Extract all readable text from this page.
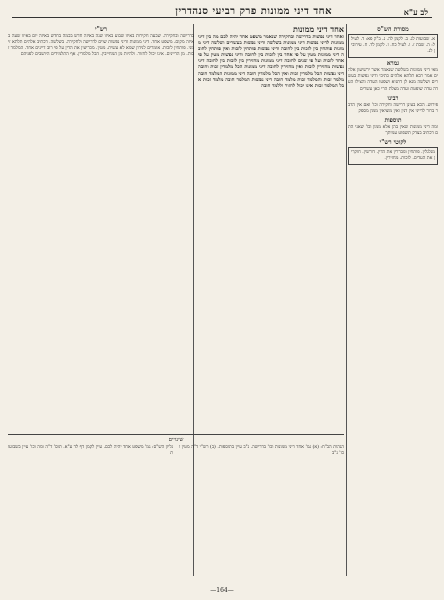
לב ע"א
אחד דיני ממונות פרק רביעי סנהדרין
מסורת הש"ס
א. שבועות לג. ב. לקמן לה. ג. ב"ק פא: ד. לעיל ל: ה. שבת ז. ו. לעיל כח. ז. לקמן לד. ח. עירובין לג.
גמרא
מאי דיני ממונות בשלשה שנאמר אשר ירשיעון אלהים אמר רבא תלתא אלהים כתיבי ודיני נפשות בעשרים ושלשה מנא לן דתניא ושפטו העדה והצילו העדה עדה שופטת ועדה מצלת הרי כאן עשרים
רבינו
פירוש. הכא בעינן דרישה וחקירה וכו' ואם אין הדבר ברור לדייני אין דנין ואין מוציאין ממון מספק
תוספות
ומה דיני ממונות שאין בהן אלא ממון וכו' שאני התם דכתיב בצדק תשפוט עמיתך
לקוטי רש"י
מגלגלין. פותחין ומבררין את הדין. דורשין. חוקרין את העדים. לזכות. מחזירין.
אחד דיני ממונות
ואחד דיני נפשות בדרישה ובחקירה שנאמר משפט אחד יהיה לכם מה בין דיני ממונות לדיני נפשות דיני ממונות בשלשה ודיני נפשות בעשרים ושלשה דיני ממונות פותחין בין לזכות בין לחובה ודיני נפשות פותחין לזכות ואין פותחין לחובה דיני ממונות מטין על פי אחד בין לזכות בין לחובה ודיני נפשות מטין על פי אחד לזכות ועל פי שנים לחובה דיני ממונות מחזירין בין לזכות בין לחובה דיני נפשות מחזירין לזכות ואין מחזירין לחובה דיני ממונות הכל מלמדין זכות וחובה דיני נפשות הכל מלמדין זכות ואין הכל מלמדין חובה דיני ממונות המלמד חובה מלמד זכות והמלמד זכות מלמד חובה דיני נפשות המלמד חובה מלמד זכות אבל המלמד זכות אינו יכול לחזור וללמד חובה
רש"י
בדרישה ובחקירה. שבעה חקירות באיזו שבוע באיזו שנה באיזה חדש בכמה בחדש באיזה יום באיזו שעה באיזה מקום. משפט אחד. דיני ממונות ודיני נפשות שוים לדרישה ולחקירה. בשלשה. דכתיב אלהים תלתא זימני. פותחין לזכות. אומרים לנידון שמא לא עשית. מטין. מכריעין את הדין על פי רוב דיינים אחד. המלמד זכות. מן הדיינים. אינו יכול לחזור. ולהיות מן המחייבין. הכל מלמדין. אף התלמידים היושבים לפניהם
שינויים
הגהות הב"ח: (א) גמ' אחד דיני ממונות וכו' בדרישה. נ"ב עיין בתוספות. (ב) רש"י ד"ה מטין וכו' נ"ב
גליון הש"ס: גמ' משפט אחד יהיה לכם. עיין לקמן דף לד ע"א. תוס' ד"ה ומה וכו' עיין בשבועות
—164—
